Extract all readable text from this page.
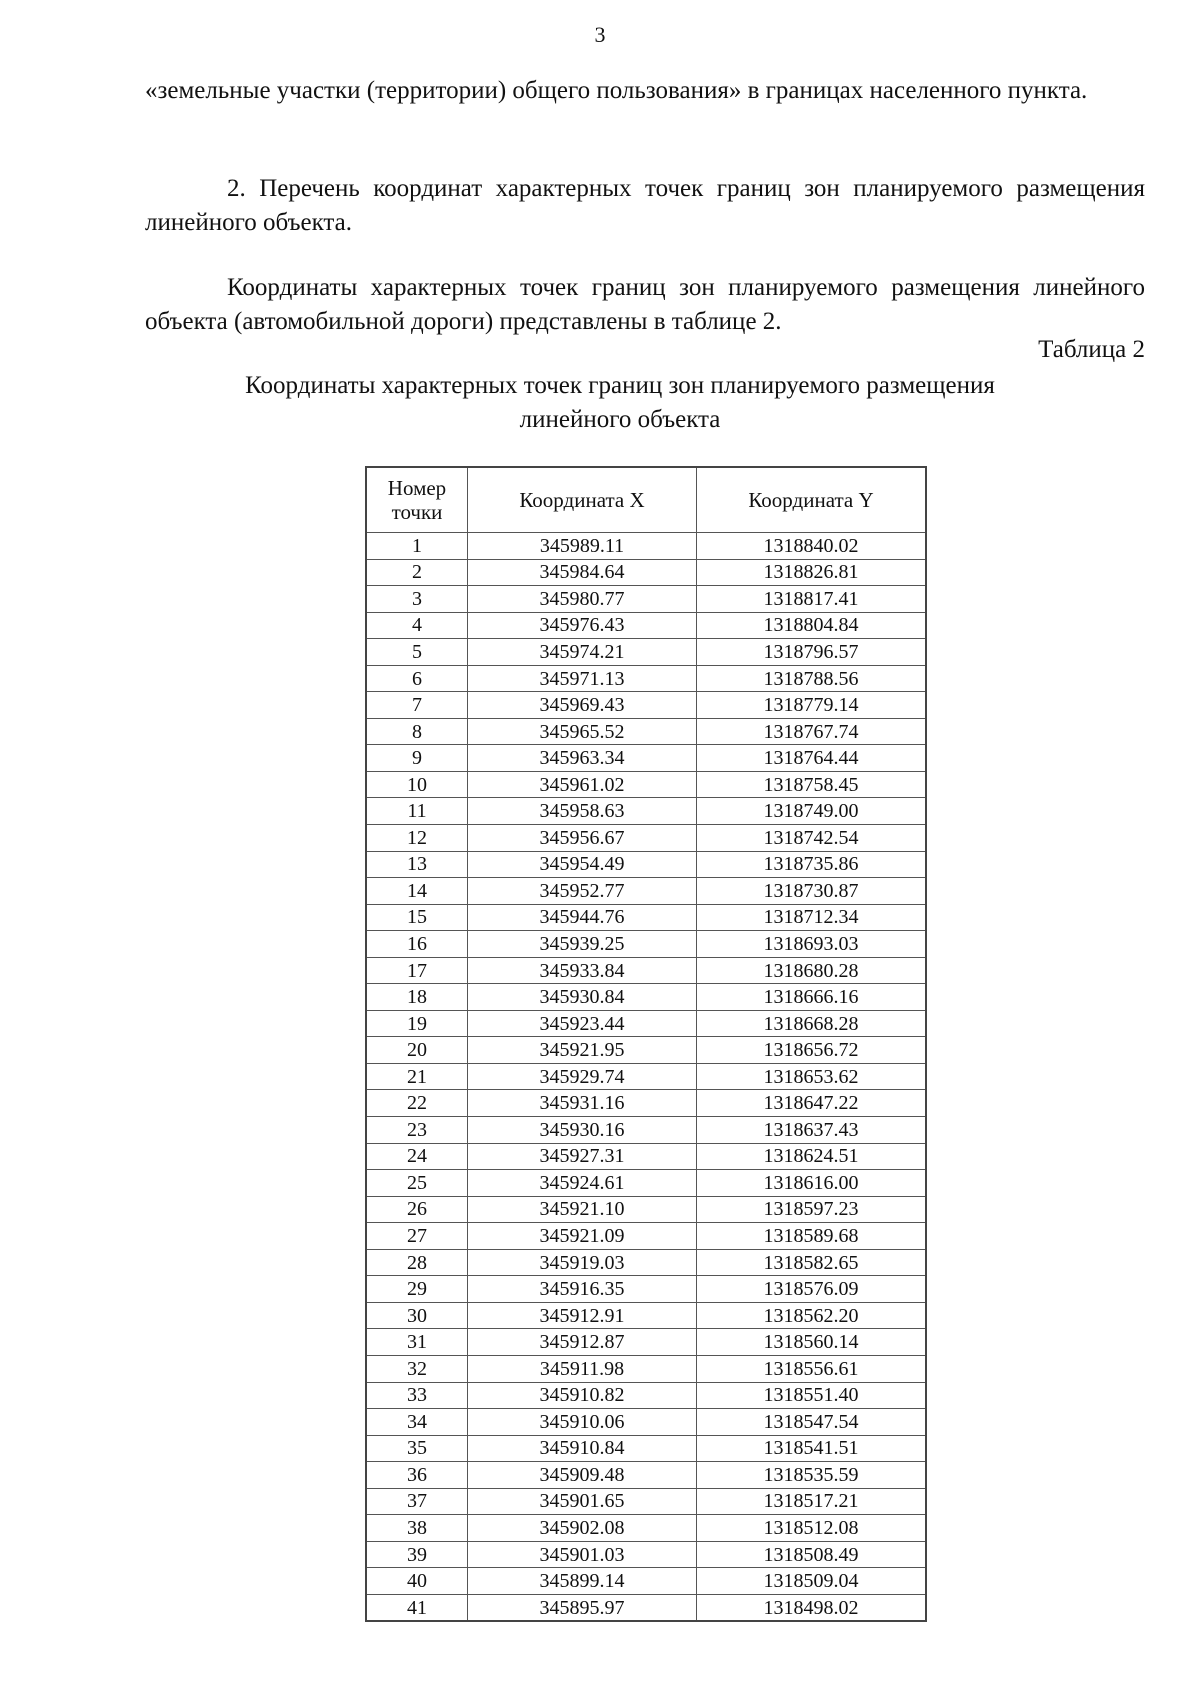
3
«земельные участки (территории) общего пользования» в границах населенного пункта.
2. Перечень координат характерных точек границ зон планируемого размещения линейного объекта.
Координаты характерных точек границ зон планируемого размещения линейного объекта (автомобильной дороги) представлены в таблице 2.
Таблица 2
Координаты характерных точек границ зон планируемого размещения линейного объекта
Номер точки	Координата X	Координата Y
1	345989.11	1318840.02
2	345984.64	1318826.81
3	345980.77	1318817.41
4	345976.43	1318804.84
5	345974.21	1318796.57
6	345971.13	1318788.56
7	345969.43	1318779.14
8	345965.52	1318767.74
9	345963.34	1318764.44
10	345961.02	1318758.45
11	345958.63	1318749.00
12	345956.67	1318742.54
13	345954.49	1318735.86
14	345952.77	1318730.87
15	345944.76	1318712.34
16	345939.25	1318693.03
17	345933.84	1318680.28
18	345930.84	1318666.16
19	345923.44	1318668.28
20	345921.95	1318656.72
21	345929.74	1318653.62
22	345931.16	1318647.22
23	345930.16	1318637.43
24	345927.31	1318624.51
25	345924.61	1318616.00
26	345921.10	1318597.23
27	345921.09	1318589.68
28	345919.03	1318582.65
29	345916.35	1318576.09
30	345912.91	1318562.20
31	345912.87	1318560.14
32	345911.98	1318556.61
33	345910.82	1318551.40
34	345910.06	1318547.54
35	345910.84	1318541.51
36	345909.48	1318535.59
37	345901.65	1318517.21
38	345902.08	1318512.08
39	345901.03	1318508.49
40	345899.14	1318509.04
41	345895.97	1318498.02
